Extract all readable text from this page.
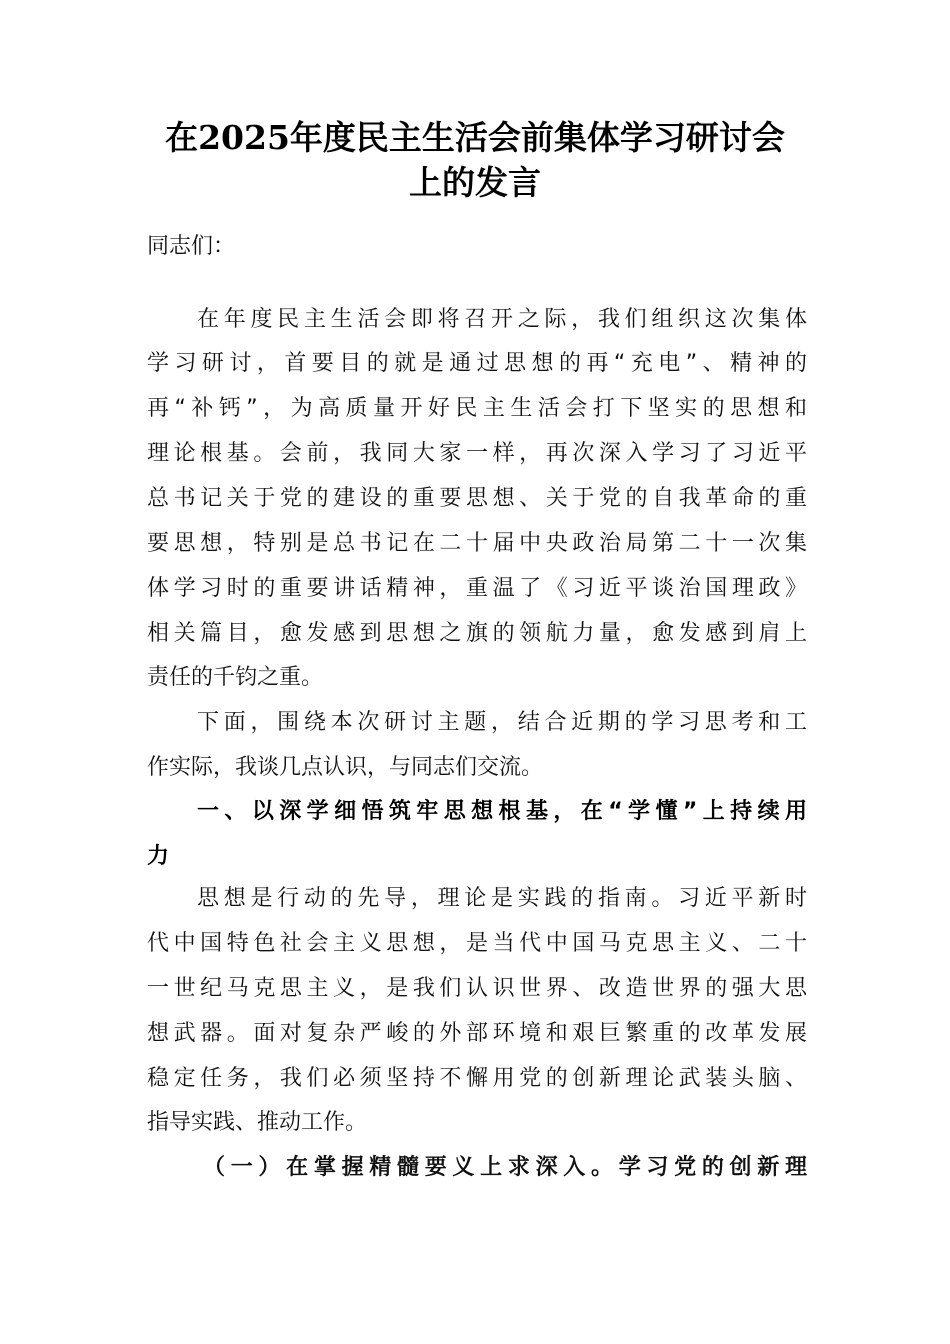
在2025年度民主生活会前集体学习研讨会
上的发言
同志们：
在年度民主生活会即将召开之际，我们组织这次集体
学习研讨，首要目的就是通过思想的再“充电”、精神的
再“补钙”，为高质量开好民主生活会打下坚实的思想和
理论根基。会前，我同大家一样，再次深入学习了习近平
总书记关于党的建设的重要思想、关于党的自我革命的重
要思想，特别是总书记在二十届中央政治局第二十一次集
体学习时的重要讲话精神，重温了《习近平谈治国理政》
相关篇目，愈发感到思想之旗的领航力量，愈发感到肩上
责任的千钧之重。
下面，围绕本次研讨主题，结合近期的学习思考和工
作实际，我谈几点认识，与同志们交流。
一、以深学细悟筑牢思想根基，在“学懂”上持续用
力
思想是行动的先导，理论是实践的指南。习近平新时
代中国特色社会主义思想，是当代中国马克思主义、二十
一世纪马克思主义，是我们认识世界、改造世界的强大思
想武器。面对复杂严峻的外部环境和艰巨繁重的改革发展
稳定任务，我们必须坚持不懈用党的创新理论武装头脑、
指导实践、推动工作。
（一）在掌握精髓要义上求深入。学习党的创新理
